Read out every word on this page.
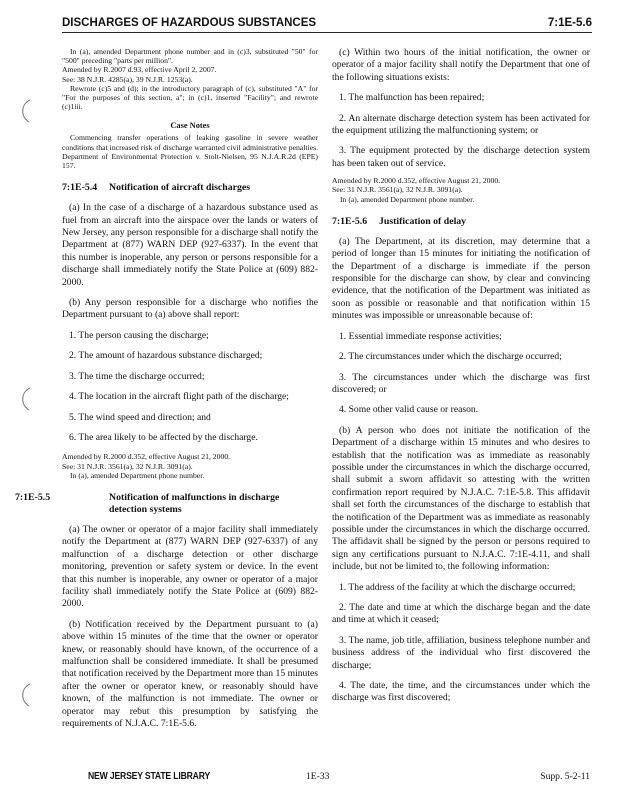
DISCHARGES OF HAZARDOUS SUBSTANCES	7:1E-5.6

In (a), amended Department phone number and in (c)3, substituted "50" for "500" preceding "parts per million".

Amended by R.2007 d.93, effective April 2, 2007.

See: 38 N.J.R. 4285(a), 39 N.J.R. 1253(a).

Rewrote (c)5 and (d); in the introductory paragraph of (c), substituted "A" for "For the purposes of this section, a"; in (c)1, inserted "Facility"; and rewrote (c)1iii.

Case Notes

Commencing transfer operations of leaking gasoline in severe weather conditions that increased risk of discharge warranted civil administrative penalties. Department of Environmental Protection v. Stolt-Nielsen, 95 N.J.A.R.2d (EPE) 157.

7:1E-5.4 Notification of aircraft discharges

(a) In the case of a discharge of a hazardous substance used as fuel from an aircraft into the airspace over the lands or waters of New Jersey, any person responsible for a discharge shall notify the Department at (877) WARN DEP (927-6337). In the event that this number is inoperable, any person or persons responsible for a discharge shall immediately notify the State Police at (609) 882-2000.

(b) Any person responsible for a discharge who notifies the Department pursuant to (a) above shall report:

1. The person causing the discharge;

2. The amount of hazardous substance discharged;

3. The time the discharge occurred;

4. The location in the aircraft flight path of the discharge;

5. The wind speed and direction; and

6. The area likely to be affected by the discharge.

Amended by R.2000 d.352, effective August 21, 2000.

See: 31 N.J.R. 3561(a), 32 N.J.R. 3091(a).

In (a), amended Department phone number.

7:1E-5.5	Notification of malfunctions in discharge detection systems

(a) The owner or operator of a major facility shall immediately notify the Department at (877) WARN DEP (927-6337) of any malfunction of a discharge detection or other discharge monitoring, prevention or safety system or device. In the event that this number is inoperable, any owner or operator of a major facility shall immediately notify the State Police at (609) 882-2000.

(b) Notification received by the Department pursuant to (a) above within 15 minutes of the time that the owner or operator knew, or reasonably should have known, of the occurrence of a malfunction shall be considered immediate. It shall be presumed that notification received by the Department more than 15 minutes after the owner or operator knew, or reasonably should have known, of the malfunction is not immediate. The owner or operator may rebut this presumption by satisfying the requirements of N.J.A.C. 7:1E-5.6.

(c) Within two hours of the initial notification, the owner or operator of a major facility shall notify the Department that one of the following situations exists:

1. The malfunction has been repaired;

2. An alternate discharge detection system has been activated for the equipment utilizing the malfunctioning system; or

3. The equipment protected by the discharge detection system has been taken out of service.

Amended by R.2000 d.352, effective August 21, 2000.

See: 31 N.J.R. 3561(a), 32 N.J.R. 3091(a).

In (a), amended Department phone number.

7:1E-5.6 Justification of delay

(a) The Department, at its discretion, may determine that a period of longer than 15 minutes for initiating the notification of the Department of a discharge is immediate if the person responsible for the discharge can show, by clear and convincing evidence, that the notification of the Department was initiated as soon as possible or reasonable and that notification within 15 minutes was impossible or unreasonable because of:

1. Essential immediate response activities;

2. The circumstances under which the discharge occurred;

3. The circumstances under which the discharge was first discovered; or

4. Some other valid cause or reason.

(b) A person who does not initiate the notification of the Department of a discharge within 15 minutes and who desires to establish that the notification was as immediate as reasonably possible under the circumstances in which the discharge occurred, shall submit a sworn affidavit so attesting with the written confirmation report required by N.J.A.C. 7:1E-5.8. This affidavit shall set forth the circumstances of the discharge to establish that the notification of the Department was as immediate as reasonably possible under the circumstances in which the discharge occurred. The affidavit shall be signed by the person or persons required to sign any certifications pursuant to N.J.A.C. 7:1E-4.11, and shall include, but not be limited to, the following information:

1. The address of the facility at which the discharge occurred;

2. The date and time at which the discharge began and the date and time at which it ceased;

3. The name, job title, affiliation, business telephone number and business address of the individual who first discovered the discharge;

4. The date, the time, and the circumstances under which the discharge was first discovered;

NEW JERSEY STATE LIBRARY	1E-33	Supp. 5-2-11
